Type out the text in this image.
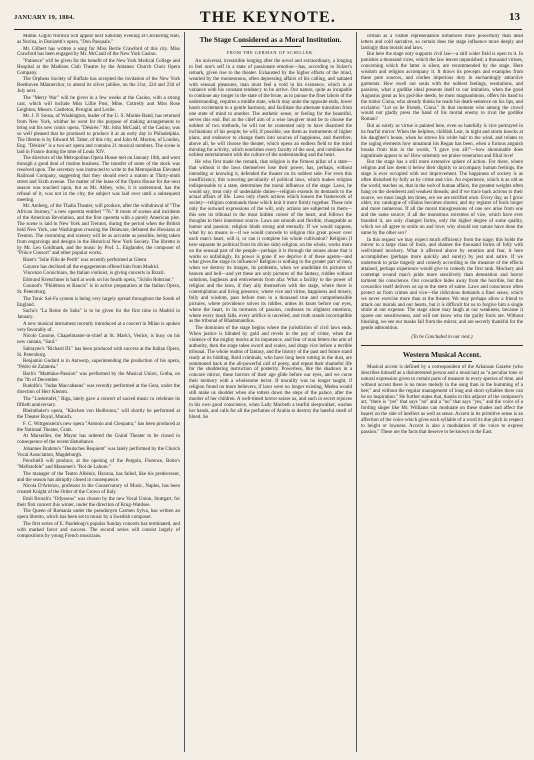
JANUARY 19, 1884.	THE KEYNOTE.	13

Mdme. Gigilo Nordica will appear next Saturday evening at Chickering Hall, as Norina, in Donizetti's opera, "Don Pasquale."

Mr. Gilbert has written a song for Miss Bertie Crawford of this city. Miss Crawford has been engaged by Mr. McCaull of the New York Casino.

"Patience" will be given for the benefit of the New York Medical College and Hospital at the Madison Club Theatre by the Amateur Church Choir Opera Company.

The Orpheus Society of Buffalo has accepted the invitation of the New York Beethoven Männerchor, to attend its silver jubilee, on the 21st, 22d and 23d of July next.

The "Merry War" will be given in a few weeks at the Casino, with a strong cast, which will include Miss Lillie Post, Mme. Cottrelly and Miss Rose Leighton, Messrs. Castleton, Perugini and Leslie.

Mr. J. P. Sousa, of Washington, leader of the U. S. Marine Band, has returned from New York, whither he went for the purpose of making arrangements to bring out his new comic opera, "Désirée." Mr. John McCaull, of the Casino, was so well pleased that he promised to produce it at an early day in Philadelphia. The libretto is by Edward M. Taber, of this city, and John M. Morton, of London, Eng. "Désirée" is a two-act opera and contains 21 musical numbers. The scene is laid in France during the time of Louis XIV.

The directors of the Metropolitan Opera House met on January 10th, and went through a good deal of routine business. The transfer of some of the stock was resolved upon. The secretary was instructed to write to the Metropolitan Elevated Railroad Company, suggesting that they should erect a station at Thirty-ninth street and Sixth avenue. The matter of the lease of the Opera House for the next season was touched upon, but as Mr. Abbey, who, it is understood, has the refusal of it, was not in the city, the subject was laid over until a subsequent meeting.

Mr. Amberg, of the Thalia Theater, will produce, after the withdrawal of "The African Journey," a new operetta entitled "'76." It treats of scenes and incidents of the American Revolution, and the first operetta with a purely American plot. The scene is laid in New York and Trenton, during the period when the British held New York, one Washington crossing the Delaware, defeated the Hessians at Trenton. The costuming and scenery will be as accurate as possible, being taken from engravings and designs in the Historical New York Society. The libretto is by Mr. Leo Goldmark, and the music by Prof. L. Englander, the composer of "Prince Consort" and other popular works.

Bizet's "Jolie Fille de Perth" was recently performed at Ghent.

Gayarre has declined all the engagements offered him from Madrid.

Vincenzo Coruichiaro, the Italian violinist, is giving concerts in Brazil.

Edmund Kretschmer is hard at work on his fourth opera, "Schön Rohtraut."

Gounod's "Philémon et Baucis" is in active preparation at the Italian Opera, St. Petersburg.

The Tonic Sol-Fa system is being very largely spread throughout the South of England.

Sachs's "La Reine de Saba" is to be given for the first time in Madrid in January.

A new musical instrument recently introduced at a concert in Milan is spoken very favorably of.

Nicolo Conone, Chapelmaster-in-chief at St. Mark's, Venice, is busy on his new cantata, "Saul."

Sabrayne's "Richard III." has been produced with success at the Italian Opera, St. Petersburg.

Benjamin Godard is in Antwerp, superintending the production of his opera, "Pédro de Zalaméa."

Bach's "Matthäus-Passion" was performed by the Musical Union, Gotha, on the 7th of December.

Rudolfo's "Judas Maccabaeus" was recently performed at the Gera, under the direction of Herr Klemm.

The "Liedertafel," Riga, lately gave a concert of sacred music to celebrate its fiftieth anniversary.

Rheinthaler's opera, "Kätchen von Heilbronn," will shortly be performed at the Theater Royal, Munich.

F. C. Wittgenstein's new opera "Antonio and Cleopatra," has been produced at the National Theater, Gratz.

At Marseilles, the Mayor has ordered the Grand Theater to be closed in consequence of the recent disturbance.

Johannes Brahms's "Deutsches Requiem" was lately performed by the Church Vocal Association, Magdeburgh.

Ponchielli will produce, at the opening of the Pergola, Florence, Boito's "Mefistofele" and Massenet's "Roi de Lahore."

The manager of the Teatro Albéniz, Havana, has failed, like his predecessor, and the season has abruptly closed in consequence.

Nicola D'Arienzo, professor in the Conservatory of Music, Naples, has been created Knight of the Order of the Crown of Italy.

Emil Brosch's "Odysseus" was chosen by the new Vocal Union, Stuttgart, for their first concert this winter, under the direction of Krug-Waldsee.

The Queen of Romania under the pseudonym Carmen Sylva, has written an opera libretto, which has been set to music by a Swedish composer.

The first series of E. Pasdeloup's popular Sunday concerts has terminated, and with marked favor and success. The second series will consist largely of compositions by young French musicians.

The Stage Considered as a Moral Institution.
FROM THE GERMAN OF SCHILLER.

An universal, irresistible longing after the novel and extraordinary, a longing to feel one's self in a state of passionate emotion—has, according to Sulzer's remark, given rise to the theater. Exhausted by the higher efforts of the mind, wearied by the monotonous, often depressing affairs of his calling, and satiated with sensual pleasures, man must feel a void in his existence, which is at variance with his constant tendency to be active. Our nature, quite as incapable to continue any longer in the state of the brute, as to pursue the finer labors of the understanding, requires a middle state, which may unite the opposite ends, lower harsh excitement to a gentle harmony, and facilitate the alternate transition from one state of mind to another. The æsthetic sense, or feeling for the beautiful, serves this end. But as the chief aim of a wise lawgiver must be to choose the noblest of two methods, he will not be contented only to have disarmed the inclinations of his people; he will, if possible, use them as instruments of higher plans, and endeavor to change them into sources of happiness, and therefore, above all, he will choose the theater, which opens an endless field to the mind thirsting for activity, which nourishes every faculty of the soul, and combines the noblest entertainment with the culture of the understanding and the heart.

He who first made the remark, that religion is the firmest pillar of a state—that without it the laws themselves lose their power, has, perhaps, without intending or knowing it, defended the theater on its noblest side. For even this insufficiency, this wavering peculiarity of political laws, which makes religion indispensable to a state, determines the moral influence of the stage. Laws, he would say, treat only of undeniable duties—religion extends its demands to the actual affairs of life. Laws only check actions which loosen the framework of society—religion commands those which knit it more firmly together. These rule only the outward expressions of the will, only actions are subjected to them—this sets its tribunal in the most hidden corner of the heart, and follows the thoughts to their innermost source. Laws are smooth and flexible, changeable as humor and passion; religion binds strong and eternally. If we would suppose, what by no means is—if we would concede to religion this great power over each man's heart, will it, or can it complete his whole cultivation? Religion (I here separate its political from its divine side) religion, on the whole, works more on the sensual part of the people—perhaps it is through the senses alone that it works so unfailingly. Its power is gone if we deprive it of these agents—and what gives the stage its influence? Religion is nothing to the greater part of men, when we destroy its images, its problems, when we annihilate its pictures of heaven and hell—and yet these are only pictures of the fantasy, riddles without solutions, bugbears and enticements from afar. What a facility to the power of religion and the laws, if they ally themselves with the stage, where there is contemplation and living presence, where vice and virtue, happiness and misery, folly and wisdom, pass before men in a thousand true and comprehensible pictures, where providence solves its riddles, unties its knots before our eyes, where the heart, in its torments of passion, confesses its slightest emotions, where every mask falls, every artifice is unveiled, and truth stands incorruptible as the tribunal of Rhadamanthus.

The dominion of the stage begins where the jurisdiction of civil laws ends. When justice is blinded by gold and revels in the pay of crime, when the violence of the mighty mocks at its impotence, and fear of man fetters the arm of authority, then the stage takes sword and scales, and drags vice before a terrible tribunal. The whole realms of fantasy, and the history of the past and future stand ready at its bidding. Bold criminals, who have long been rotting in the dust, are summoned back at the all-powerful call of poesy, and repeat their shameful life for the shuddering instruction of posterity. Powerless, like the shadows in a concave mirror, these horrors of their age glide before our eyes, and we curse their memory with a wholesome terror. If morality was no longer taught, if religion found no more believers, if laws were no longer existing, Medea would still make us shudder when she totters down the steps of the palace, after the murder of her children. A well-timed horror seizes us, and each in secret rejoices in his own good conscience, when Lady Macbeth a tearful sleepwalker, washes her hands, and calls for all the perfumes of Arabia to destroy the hateful smell of blood. So

certain as a visible representation influences more powerfully than dead letters and cold narrative, so certain does the stage influence more deeply and lastingly than morals and laws.

But here the stage only supports civil law—a still wider field is open to it. In punishes a thousand vices, which the law leaves unpunished; a thousand virtues, concerning which the latter is silent, are recommended by the stage. Here wisdom and religion accompany it. It draws its precepts and examples from these pure sources, and clothes imperious duty in enchantingly attractive garments. How swell our souls with the noblest feelings, resolutions, and passions, what a godlike ideal presents itself to our imitation, when the good Augustus great as his god-like deeds, he most magnanimous, offers his hand to the traitor Cinna, who already thinks he reads his death-sentence on his lips, and exclaims: "Let us be friends, Cinna." In that moment who among the crowd would not gladly press the hand of his mortal enemy to rival the godlike Roman?

But as surely as virtue is painted here, even so hatefully is vice portrayed in its fearful mirror. When the helpless, childish Lear, in night and storm knocks at his daughter's house, when he strews his white hair to the wind, and relates to the raging elements how unnatural his Regan has been, when a furious anguish breaks from him in the words, "I gave you all!"—how abominable does ingratitude appear to us! How solemnly we praise veneration and filial love!

But the stage has a still more extensive sphere of action. For there, where religion and law deem it below their dignity to accompany human feelings, the stage is ever occupied with our improvement. The happiness of society is as often disturbed by folly as by crime and vice. An experience, which is as old as the world, teaches us, that in the web of human affairs, the greatest weights often hang on the slenderest and weakest threads; and if we trace back actions to their source, we must laugh ten times, ere we are terrified once. Every day, as I grow older, my catalogue of villains becomes shorter, and my register of fools longer and more numerous. If all the moral transgressions of one sex arise from one and the same source; if all the monstrous extremes of vice, which have ever branded it, are only changed forms, only the higher degree of some quality, which we all agree to smile on and love; why should not nature have done the same by the other sex?

In this respect we may expect much efficiency from the stage; this holds the mirror to a large class of fools, and shames the thousand forms of folly with well-timed mockery. What it affected above by emotion and fear, it here accomplishes (perhaps more quickly and surely) by jest and satire. If we undertook to prize tragedy and comedy according to the measure of the effects attained, perhaps experience would give to comedy the first rank. Mockery and contempt wound man's pride more sensitively than detestation and horror torment his conscience. Our cowardice hides away from the horrible, but this cowardice itself delivers us up to the stern of satire. Laws and conscience often protect us from crimes and vice—the ridiculous demands a finer sense, which we never exercise more than at the theater. We may perhaps allow a friend to attack our morals and our hearts, but it is difficult for us to forgive him a single smile at our expense. The stage alone may laugh at our weakness, because it spares our sensitiveness, and will not know who the guilty fools are. Without blushing, we see our masks fall from the mirror, and are secretly thankful for the gentle admonition.

(To be Concluded in our next.)
Western Musical Accent.

Musical accent is defined by a correspondent of the Arkansas Gazette (who describes himself as a disinterested person and a musician) as "a peculiar tone or natural expression given to certain parts of measure in every species of time, and without accent there is no more melody in the song than in the humming of a bee;" and without the regular management of long and short syllables there can be no inspiration." He further states that, thanks to this adjunct of the composer's art, "there is "yes" that says "no" and a "no" that says "yes," and the voice of a fording singer like Mr. Williams can modulate on these shades and affect the hearer on the side of intellect as well as sense. Accent in its primitive sense is an affection of the voice which gives each syllable of a word its due pitch in respect to height or lowness. Accent is also a modulation of the voice to express passion." These are the facts that deserve to be known in the East.
